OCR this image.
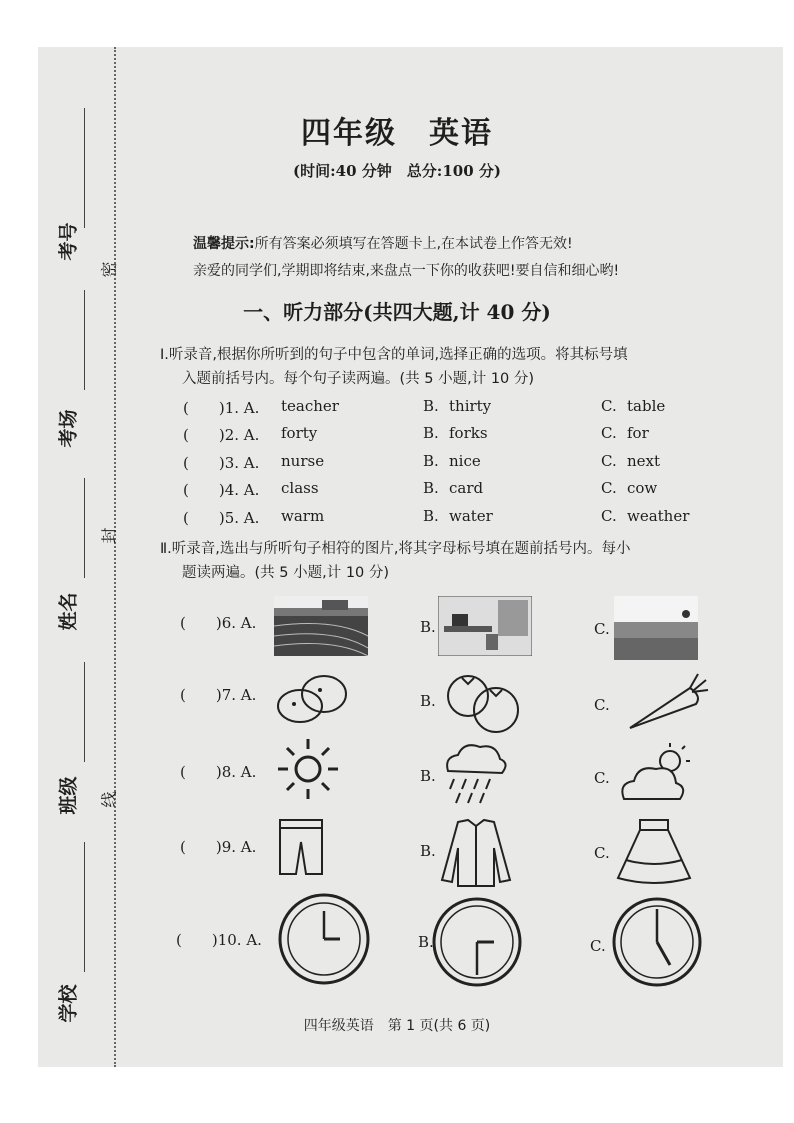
考号
考场
姓名
班级
学校
密
封
线
四年级　英语
(时间:40 分钟　总分:100 分)
温馨提示:所有答案必须填写在答题卡上,在本试卷上作答无效!
亲爱的同学们,学期即将结束,来盘点一下你的收获吧!要自信和细心哟!
一、听力部分(共四大题,计 40 分)
Ⅰ.听录音,根据你所听到的句子中包含的单词,选择正确的选项。将其标号填
入题前括号内。每个句子读两遍。(共 5 小题,计 10 分)
(　　)1. A. teacher	B. thirty	C. table
(　　)2. A. forty	B. forks	C. for
(　　)3. A. nurse	B. nice	C. next
(　　)4. A. class	B. card	C. cow
(　　)5. A. warm	B. water	C. weather
Ⅱ.听录音,选出与所听句子相符的图片,将其字母标号填在题前括号内。每小
题读两遍。(共 5 小题,计 10 分)
(　　)6. A.	B.	C.
(　　)7. A.	B.	C.
(　　)8. A.	B.	C.
(　　)9. A.	B.	C.
(　　)10. A.	B.	C.
四年级英语　第 1 页(共 6 页)
